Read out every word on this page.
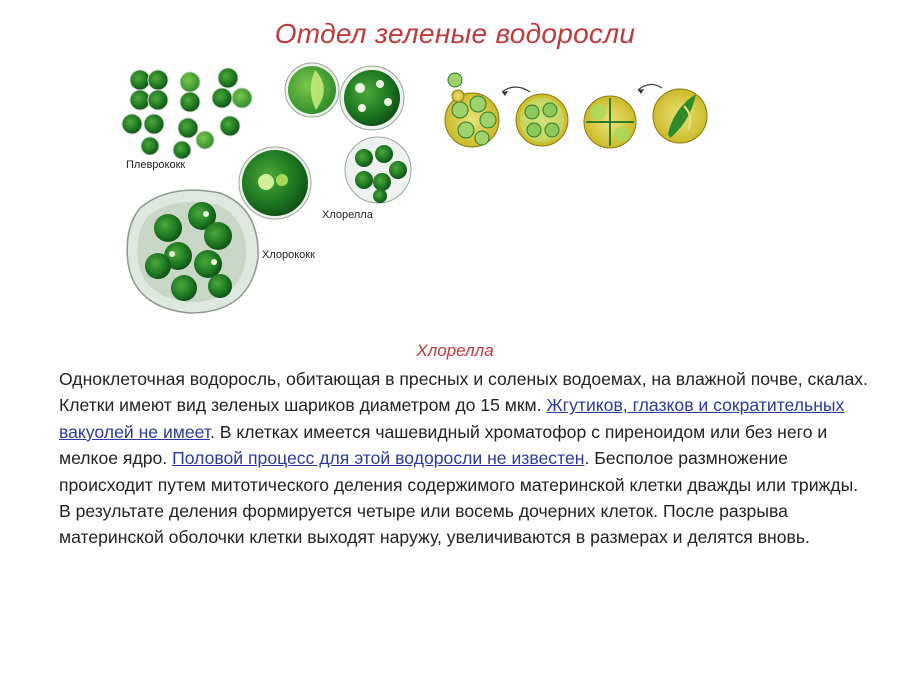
Отдел зеленые водоросли
Плеврококк
Хлорелла
Хлорококк
Хлорелла
Одноклеточная водоросль, обитающая в пресных и соленых водоемах, на влажной почве, скалах. Клетки имеют вид зеленых шариков диаметром до 15 мкм. Жгутиков, глазков и сократительных вакуолей не имеет. В клетках имеется чашевидный хроматофор с пиреноидом или без него и мелкое ядро. Половой процесс для этой водоросли не известен. Бесполое размножение происходит путем митотического деления содержимого материнской клетки дважды или трижды. В результате деления формируется четыре или восемь дочерних клеток. После разрыва материнской оболочки клетки выходят наружу, увеличиваются в размерах и делятся вновь.
